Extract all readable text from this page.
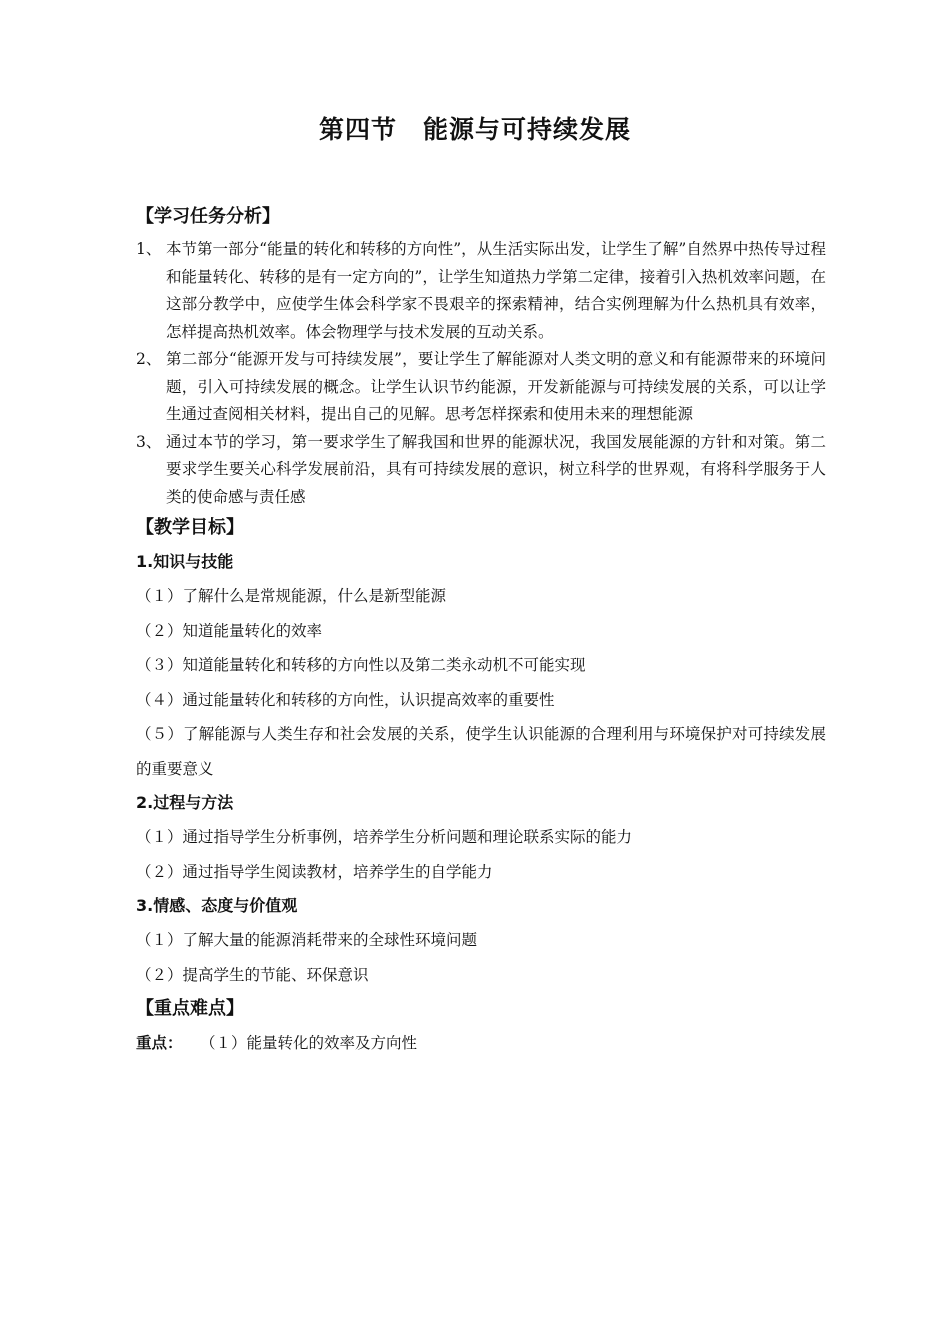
第四节　能源与可持续发展
【学习任务分析】
1、 本节第一部分“能量的转化和转移的方向性”，从生活实际出发，让学生了解”自然界中热传导过程和能量转化、转移的是有一定方向的”，让学生知道热力学第二定律，接着引入热机效率问题，在这部分教学中，应使学生体会科学家不畏艰辛的探索精神，结合实例理解为什么热机具有效率，怎样提高热机效率。体会物理学与技术发展的互动关系。
2、 第二部分“能源开发与可持续发展”，要让学生了解能源对人类文明的意义和有能源带来的环境问题，引入可持续发展的概念。让学生认识节约能源，开发新能源与可持续发展的关系，可以让学生通过查阅相关材料，提出自己的见解。思考怎样探索和使用未来的理想能源
3、 通过本节的学习，第一要求学生了解我国和世界的能源状况，我国发展能源的方针和对策。第二要求学生要关心科学发展前沿，具有可持续发展的意识，树立科学的世界观，有将科学服务于人类的使命感与责任感
【教学目标】
1.知识与技能
（１）了解什么是常规能源，什么是新型能源
（２）知道能量转化的效率
（３）知道能量转化和转移的方向性以及第二类永动机不可能实现
（４）通过能量转化和转移的方向性，认识提高效率的重要性
（５）了解能源与人类生存和社会发展的关系，使学生认识能源的合理利用与环境保护对可持续发展的重要意义
2.过程与方法
（１）通过指导学生分析事例，培养学生分析问题和理论联系实际的能力
（２）通过指导学生阅读教材，培养学生的自学能力
3.情感、态度与价值观
（１）了解大量的能源消耗带来的全球性环境问题
（２）提高学生的节能、环保意识
【重点难点】
重点： （１）能量转化的效率及方向性
